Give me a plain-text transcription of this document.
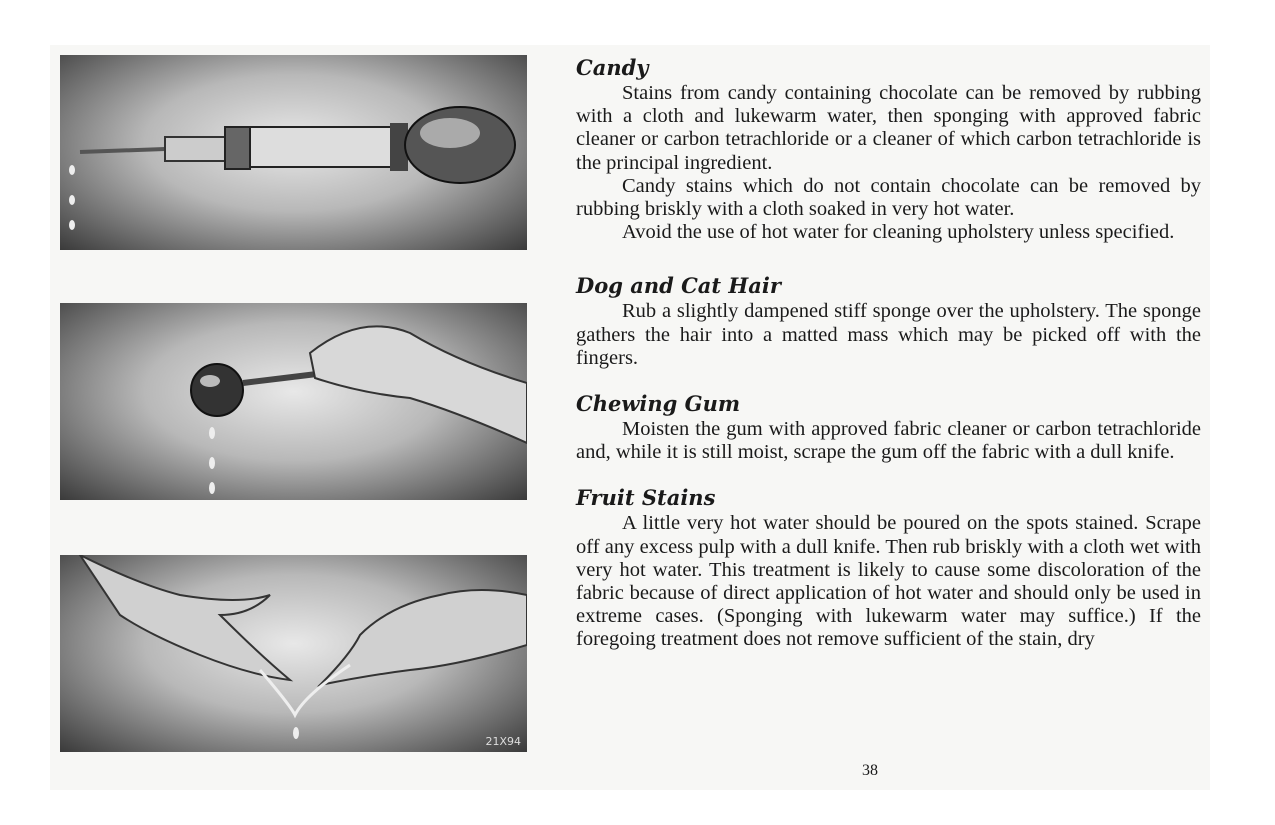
21X94
Candy

Stains from candy containing chocolate can be removed by rubbing with a cloth and lukewarm water, then sponging with approved fabric cleaner or carbon tetrachloride or a cleaner of which carbon tetrachloride is the principal ingredient.

Candy stains which do not contain chocolate can be removed by rubbing briskly with a cloth soaked in very hot water.

Avoid the use of hot water for cleaning upholstery unless specified.

Dog and Cat Hair

Rub a slightly dampened stiff sponge over the upholstery. The sponge gathers the hair into a matted mass which may be picked off with the fingers.

Chewing Gum

Moisten the gum with approved fabric cleaner or carbon tetrachloride and, while it is still moist, scrape the gum off the fabric with a dull knife.

Fruit Stains

A little very hot water should be poured on the spots stained. Scrape off any excess pulp with a dull knife. Then rub briskly with a cloth wet with very hot water. This treatment is likely to cause some discoloration of the fabric because of direct application of hot water and should only be used in extreme cases. (Sponging with lukewarm water may suffice.) If the foregoing treatment does not remove sufficient of the stain, dry

38
